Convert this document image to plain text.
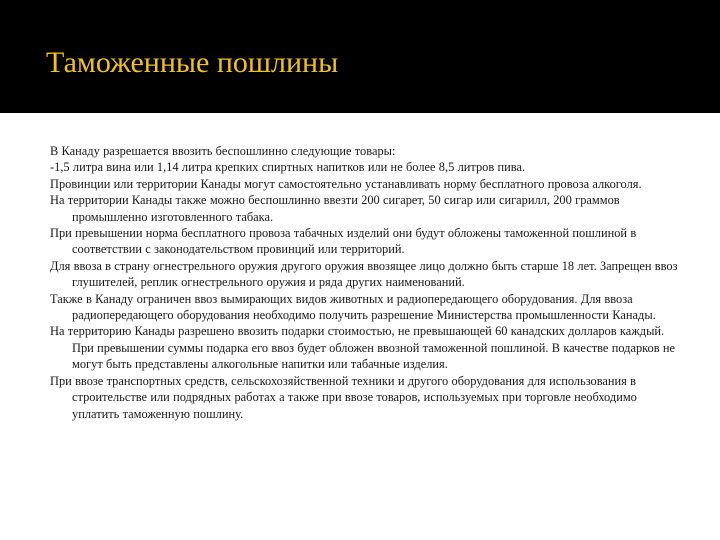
Таможенные пошлины

В Канаду разрешается ввозить беспошлинно следующие товары:

-1,5 литра вина или 1,14 литра крепких спиртных напитков или не более 8,5 литров пива.

Провинции или территории Канады могут самостоятельно устанавливать норму бесплатного провоза алкоголя.

На территории Канады также можно беспошлинно ввезти 200 сигарет, 50 сигар или сигарилл, 200 граммов промышленно изготовленного табака.

При превышении норма бесплатного провоза табачных изделий они будут обложены таможенной пошлиной в соответствии с законодательством провинций или территорий.

Для ввоза в страну огнестрельного оружия другого оружия ввозящее лицо должно быть старше 18 лет. Запрещен ввоз глушителей, реплик огнестрельного оружия и ряда других наименований.

Также в Канаду ограничен ввоз вымирающих видов животных и радиопередающего оборудования. Для ввоза радиопередающего оборудования необходимо получить разрешение Министерства промышленности Канады.

На территорию Канады разрешено ввозить подарки стоимостью, не превышающей 60 канадских долларов каждый. При превышении суммы подарка его ввоз будет обложен ввозной таможенной пошлиной. В качестве подарков не могут быть представлены алкогольные напитки или табачные изделия.

При ввозе транспортных средств, сельскохозяйственной техники и другого оборудования для использования в строительстве или подрядных работах а также при ввозе товаров, используемых при торговле необходимо уплатить таможенную пошлину.
